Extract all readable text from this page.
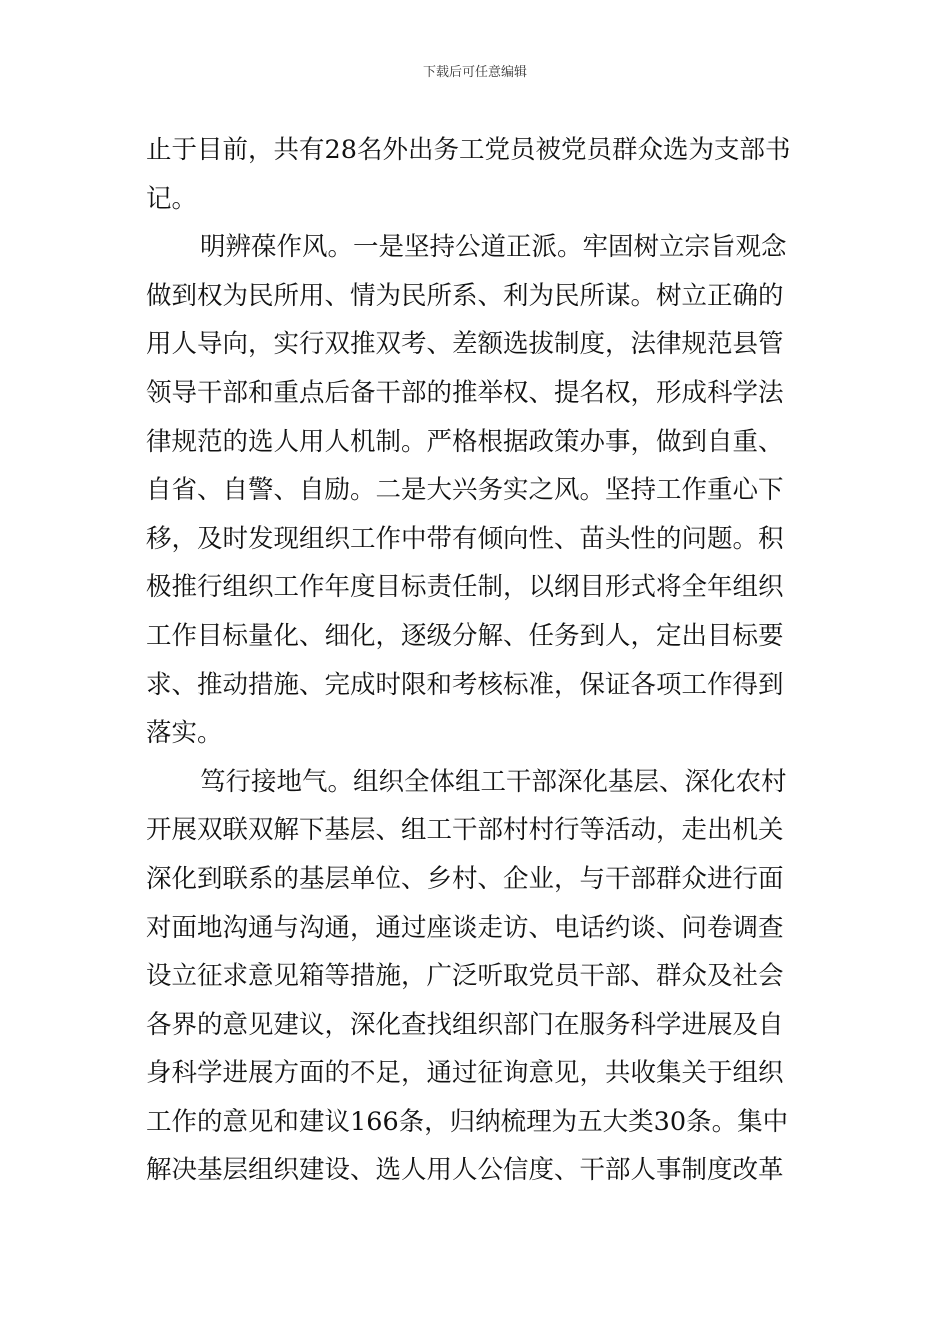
下载后可任意编辑

止于目前，共有28名外出务工党员被党员群众选为支部书
记。

明辨葆作风。一是坚持公道正派。牢固树立宗旨观念
做到权为民所用、情为民所系、利为民所谋。树立正确的
用人导向，实行双推双考、差额选拔制度，法律规范县管
领导干部和重点后备干部的推举权、提名权，形成科学法
律规范的选人用人机制。严格根据政策办事，做到自重、
自省、自警、自励。二是大兴务实之风。坚持工作重心下
移，及时发现组织工作中带有倾向性、苗头性的问题。积
极推行组织工作年度目标责任制，以纲目形式将全年组织
工作目标量化、细化，逐级分解、任务到人，定出目标要
求、推动措施、完成时限和考核标准，保证各项工作得到
落实。

笃行接地气。组织全体组工干部深化基层、深化农村
开展双联双解下基层、组工干部村村行等活动，走出机关
深化到联系的基层单位、乡村、企业，与干部群众进行面
对面地沟通与沟通，通过座谈走访、电话约谈、问卷调查
设立征求意见箱等措施，广泛听取党员干部、群众及社会
各界的意见建议，深化查找组织部门在服务科学进展及自
身科学进展方面的不足，通过征询意见，共收集关于组织
工作的意见和建议166条，归纳梳理为五大类30条。集中
解决基层组织建设、选人用人公信度、干部人事制度改革
